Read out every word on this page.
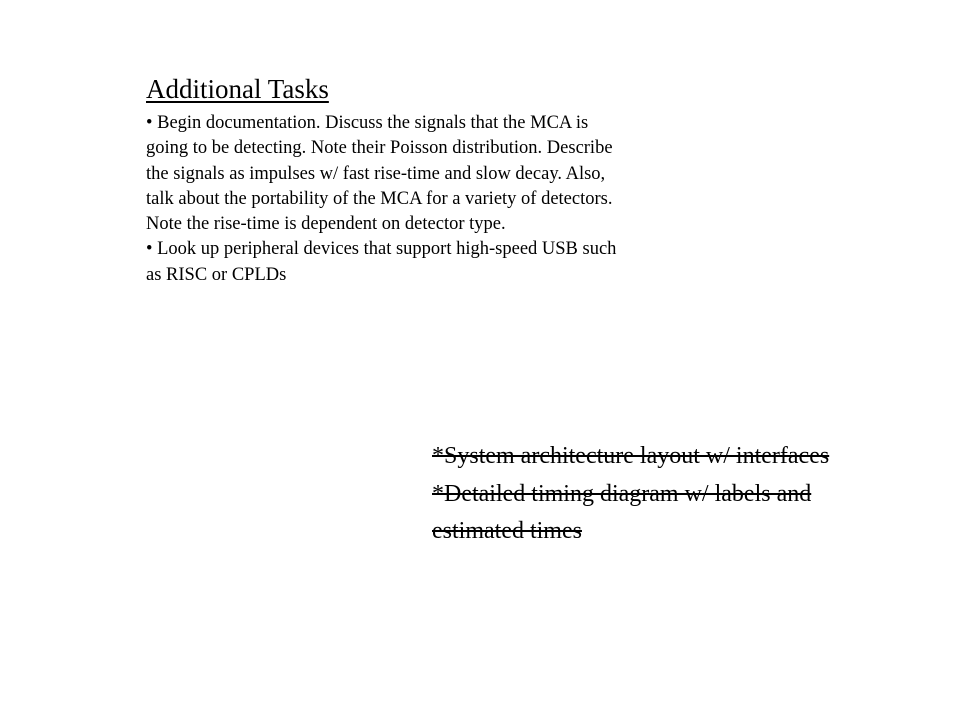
Additional Tasks
• Begin documentation. Discuss the signals that the MCA is going to be detecting. Note their Poisson distribution. Describe the signals as impulses w/ fast rise-time and slow decay. Also, talk about the portability of the MCA for a variety of detectors. Note the rise-time is dependent on detector type.
• Look up peripheral devices that support high-speed USB such as RISC or CPLDs

*System architecture layout w/ interfaces

*Detailed timing diagram w/ labels and estimated times
